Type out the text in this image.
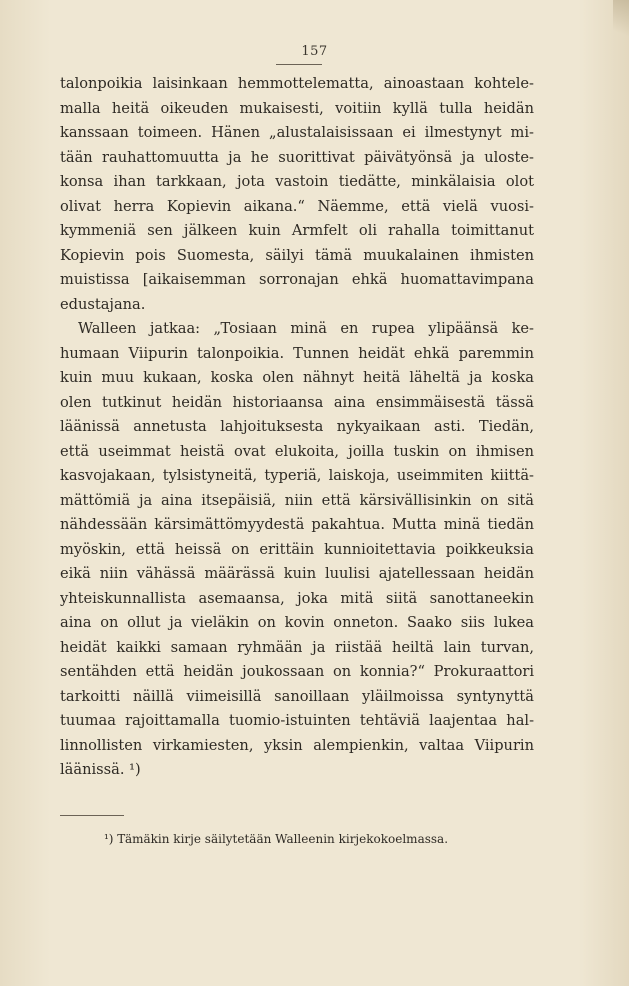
157
talonpoikia laisinkaan hemmottelematta, ainoastaan kohtele-
malla heitä oikeuden mukaisesti, voitiin kyllä tulla heidän
kanssaan toimeen. Hänen „alustalaisissaan ei ilmestynyt mi-
tään rauhattomuutta ja he suorittivat päivätyönsä ja uloste-
konsa ihan tarkkaan, jota vastoin tiedätte, minkälaisia olot
olivat herra Kopievin aikana.“ Näemme, että vielä vuosi-
kymmeniä sen jälkeen kuin Armfelt oli rahalla toimittanut
Kopievin pois Suomesta, säilyi tämä muukalainen ihmisten
muistissa [aikaisemman sorronajan ehkä huomattavimpana
edustajana.
Walleen jatkaa: „Tosiaan minä en rupea ylipäänsä ke-
humaan Viipurin talonpoikia. Tunnen heidät ehkä paremmin
kuin muu kukaan, koska olen nähnyt heitä läheltä ja koska
olen tutkinut heidän historiaansa aina ensimmäisestä tässä
läänissä annetusta lahjoituksesta nykyaikaan asti. Tiedän,
että useimmat heistä ovat elukoita, joilla tuskin on ihmisen
kasvojakaan, tylsistyneitä, typeriä, laiskoja, useimmiten kiittä-
mättömiä ja aina itsepäisiä, niin että kärsivällisinkin on sitä
nähdessään kärsimättömyydestä pakahtua. Mutta minä tiedän
myöskin, että heissä on erittäin kunnioitettavia poikkeuksia
eikä niin vähässä määrässä kuin luulisi ajatellessaan heidän
yhteiskunnallista asemaansa, joka mitä siitä sanottaneekin
aina on ollut ja vieläkin on kovin onneton. Saako siis lukea
heidät kaikki samaan ryhmään ja riistää heiltä lain turvan,
sentähden että heidän joukossaan on konnia?“ Prokuraattori
tarkoitti näillä viimeisillä sanoillaan yläilmoissa syntynyttä
tuumaa rajoittamalla tuomio-istuinten tehtäviä laajentaa hal-
linnollisten virkamiesten, yksin alempienkin, valtaa Viipurin
läänissä. ¹)
¹) Tämäkin kirje säilytetään Walleenin kirjekokoelmassa.
